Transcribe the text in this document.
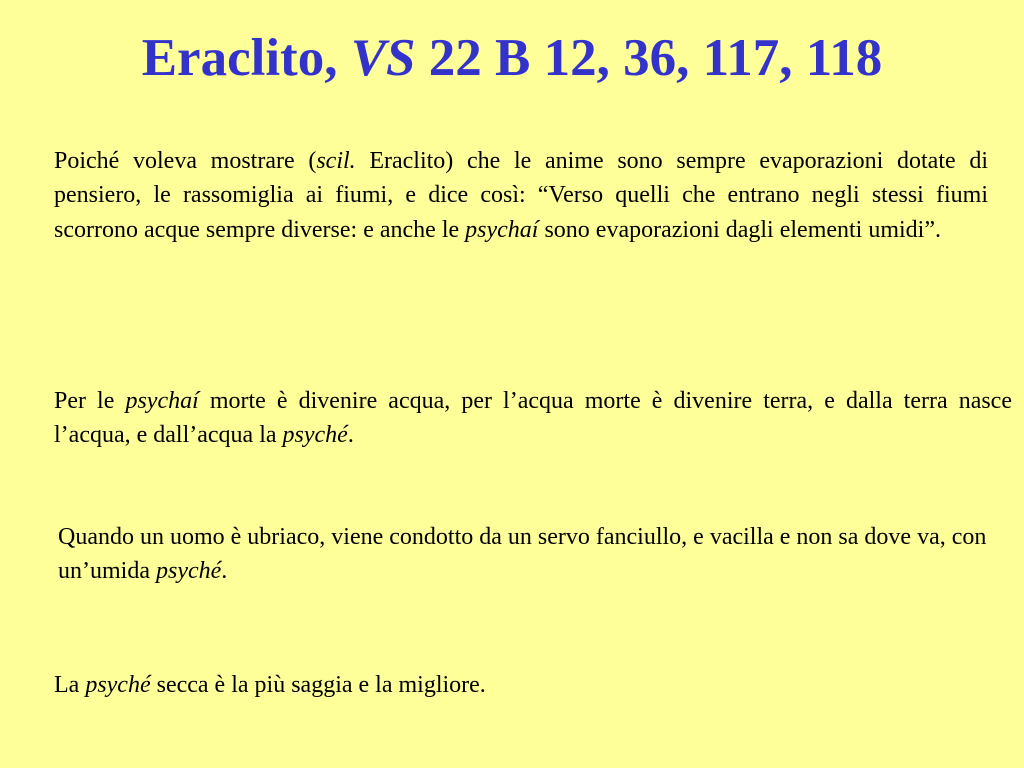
Eraclito, VS 22 B 12, 36, 117, 118
Poiché voleva mostrare (scil. Eraclito) che le anime sono sempre evaporazioni dotate di pensiero, le rassomiglia ai fiumi, e dice così: “Verso quelli che entrano negli stessi fiumi scorrono acque sempre diverse: e anche le psychaí sono evaporazioni dagli elementi umidi”.
Per le psychaí morte è divenire acqua, per l’acqua morte è divenire terra, e dalla terra nasce l’acqua, e dall’acqua la psyché.
Quando un uomo è ubriaco, viene condotto da un servo fanciullo, e vacilla e non sa dove va, con un’umida psyché.
La psyché secca è la più saggia e la migliore.
